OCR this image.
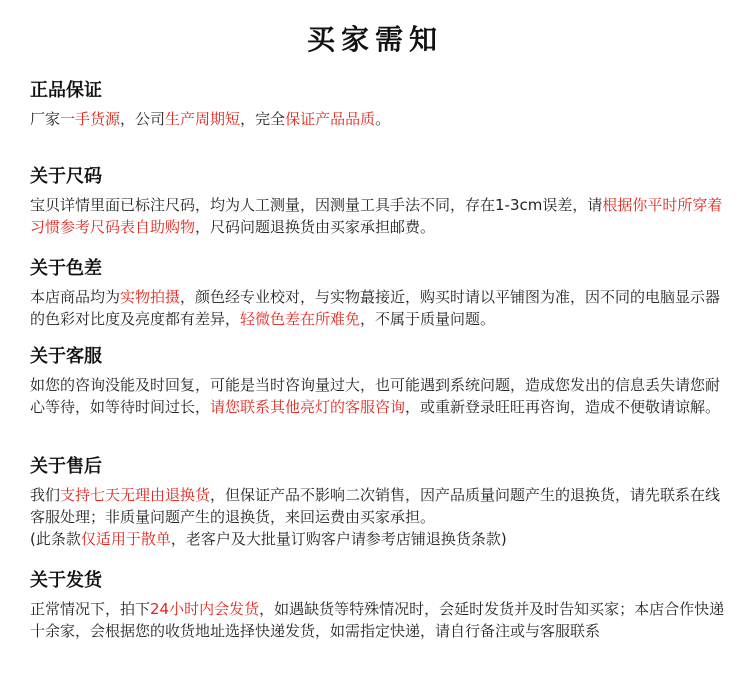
买家需知
正品保证
厂家一手货源，公司生产周期短，完全保证产品品质。
关于尺码
宝贝详情里面已标注尺码，均为人工测量，因测量工具手法不同，存在1-3cm误差，请根据你平时所穿着习惯参考尺码表自助购物，尺码问题退换货由买家承担邮费。
关于色差
本店商品均为实物拍摄，颜色经专业校对，与实物蕞接近，购买时请以平铺图为准，因不同的电脑显示器的色彩对比度及亮度都有差异，轻微色差在所难免，不属于质量问题。
关于客服
如您的咨询没能及时回复，可能是当时咨询量过大，也可能遇到系统问题，造成您发出的信息丢失请您耐心等待，如等待时间过长，请您联系其他亮灯的客服咨询，或重新登录旺旺再咨询，造成不便敬请谅解。
关于售后
我们支持七天无理由退换货，但保证产品不影响二次销售，因产品质量问题产生的退换货，请先联系在线客服处理；非质量问题产生的退换货，来回运费由买家承担。
(此条款仅适用于散单，老客户及大批量订购客户请参考店铺退换货条款)
关于发货
正常情况下，拍下24小时内会发货，如遇缺货等特殊情况时，会延时发货并及时告知买家；本店合作快递十余家，会根据您的收货地址选择快递发货，如需指定快递，请自行备注或与客服联系
